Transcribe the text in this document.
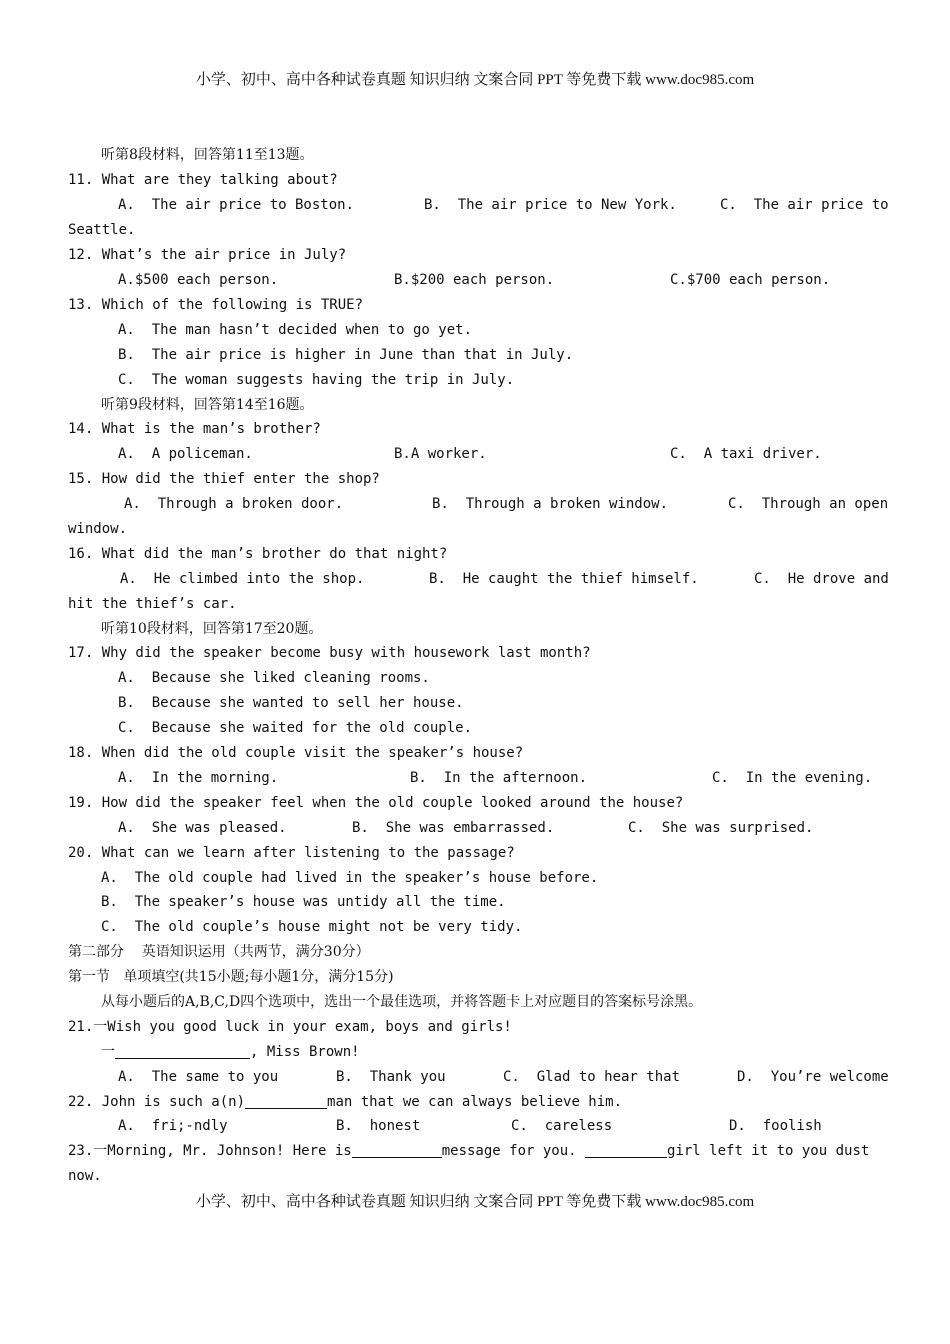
小学、初中、高中各种试卷真题 知识归纳 文案合同 PPT 等免费下载 www.doc985.com
听第8段材料，回答第11至13题。
11. What are they talking about?

A.  The air price to Boston.

	B.  The air price to New York.

	C.  The air price to

Seattle.
12. What’s the air price in July?

A.$500 each person.

	B.$200 each person.

	C.$700 each person.

13. Which of the following is TRUE?
A.  The man hasn’t decided when to go yet.
B.  The air price is higher in June than that in July.
C.  The woman suggests having the trip in July.
听第9段材料，回答第14至16题。
14. What is the man’s brother?

A.  A policeman.

	B.A worker.

	C.  A taxi driver.

15. How did the thief enter the shop?

A.  Through a broken door.

	B.  Through a broken window.

	C.  Through an open

window.
16. What did the man’s brother do that night?

A.  He climbed into the shop.

	B.  He caught the thief himself.

	C.  He drove and

hit the thief’s car.
听第10段材料，回答第17至20题。
17. Why did the speaker become busy with housework last month?
A.  Because she liked cleaning rooms.
B.  Because she wanted to sell her house.
C.  Because she waited for the old couple.
18. When did the old couple visit the speaker’s house?

A.  In the morning.

	B.  In the afternoon.

	C.  In the evening.

19. How did the speaker feel when the old couple looked around the house?

A.  She was pleased.

	B.  She was embarrassed.

	C.  She was surprised.

20. What can we learn after listening to the passage?
A.  The old couple had lived in the speaker’s house before.
B.  The speaker’s house was untidy all the time.
C.  The old couple’s house might not be very tidy.
第二部分    英语知识运用（共两节，满分30分）
第一节   单项填空(共15小题;每小题1分，满分15分)
从每小题后的A,B,C,D四个选项中，选出一个最佳选项，并将答题卡上对应题目的答案标号涂黑。
21.一Wish you good luck in your exam, boys and girls!

一	, Miss Brown!

A.  The same to you

	B.  Thank you

	C.  Glad to hear that

	D.  You’re welcome

22. John is such a(n)	man that we can always believe him.

A.  fri;-ndly

	B.  honest

	C.  careless

	D.  foolish

23.一Morning, Mr. Johnson! Here is	message for you.	girl left it to you dust

now.
小学、初中、高中各种试卷真题 知识归纳 文案合同 PPT 等免费下载 www.doc985.com
